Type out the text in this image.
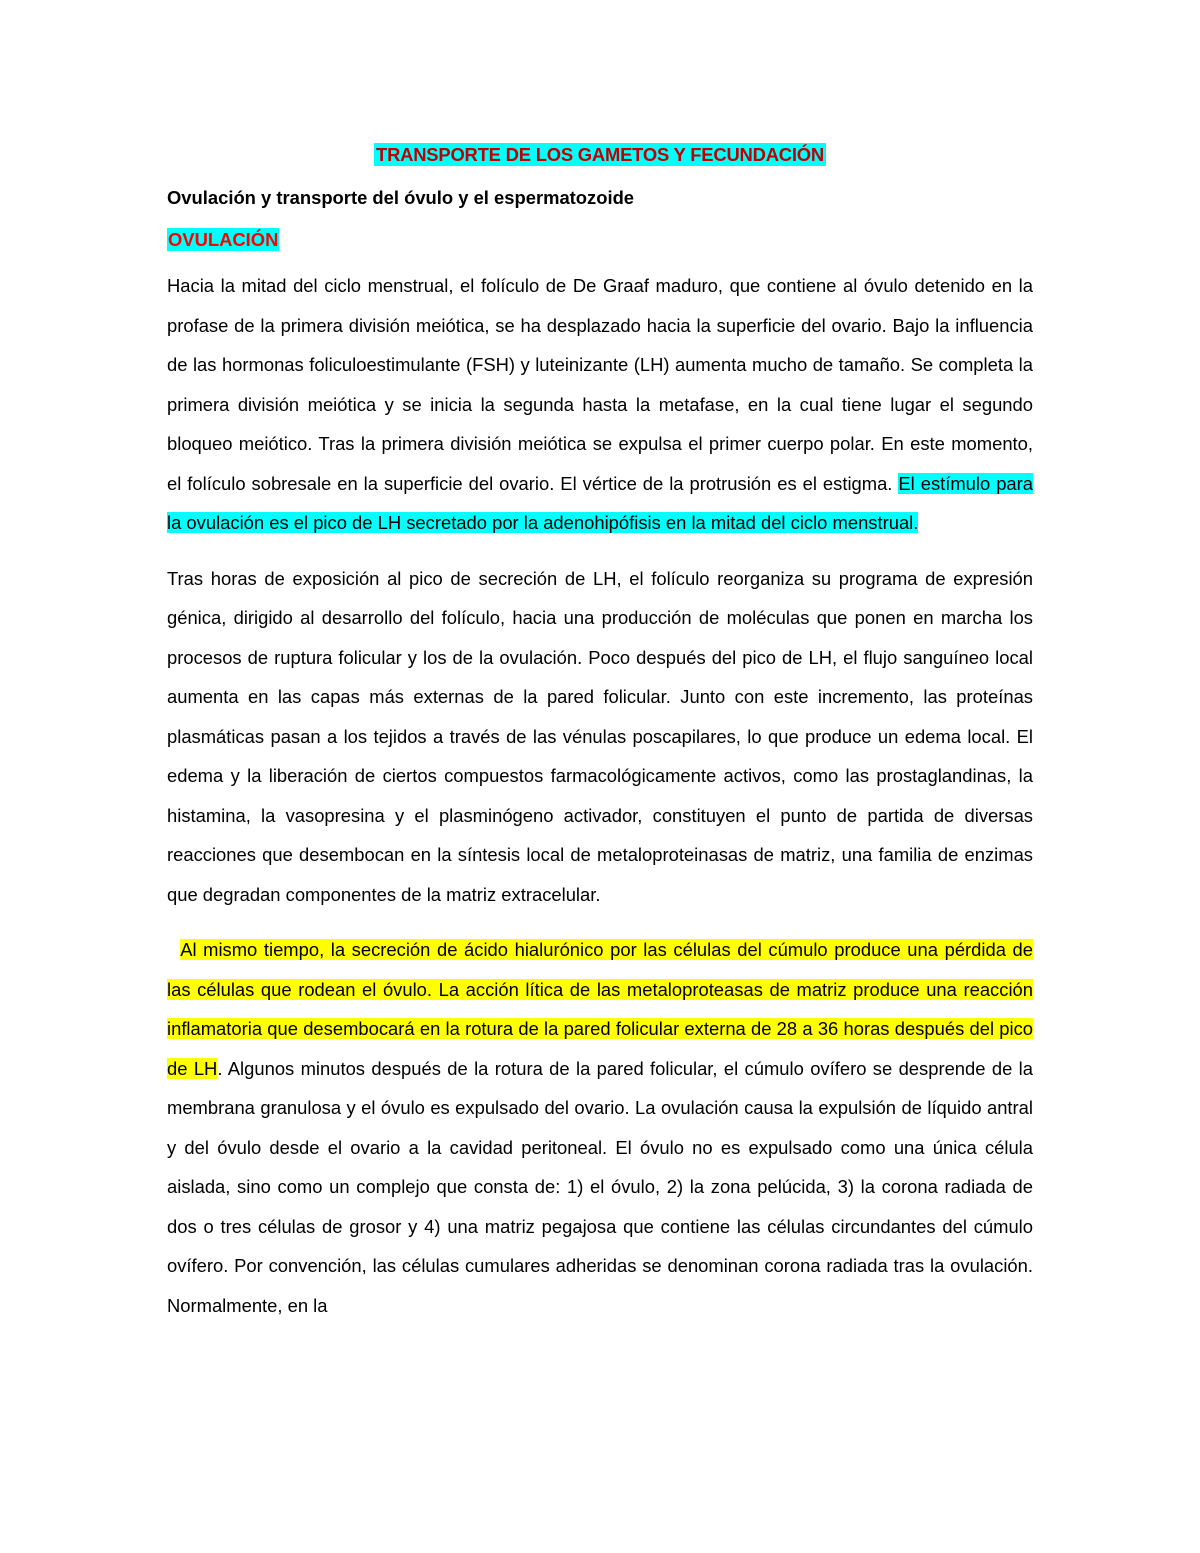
TRANSPORTE DE LOS GAMETOS Y FECUNDACIÓN
Ovulación y transporte del óvulo y el espermatozoide
OVULACIÓN

Hacia la mitad del ciclo menstrual, el folículo de De Graaf maduro, que contiene al óvulo detenido en la profase de la primera división meiótica, se ha desplazado hacia la superficie del ovario. Bajo la influencia de las hormonas foliculoestimulante (FSH) y luteinizante (LH) aumenta mucho de tamaño. Se completa la primera división meiótica y se inicia la segunda hasta la metafase, en la cual tiene lugar el segundo bloqueo meiótico. Tras la primera división meiótica se expulsa el primer cuerpo polar. En este momento, el folículo sobresale en la superficie del ovario. El vértice de la protrusión es el estigma. El estímulo para la ovulación es el pico de LH secretado por la adenohipófisis en la mitad del ciclo menstrual.

Tras horas de exposición al pico de secreción de LH, el folículo reorganiza su programa de expresión génica, dirigido al desarrollo del folículo, hacia una producción de moléculas que ponen en marcha los procesos de ruptura folicular y los de la ovulación. Poco después del pico de LH, el flujo sanguíneo local aumenta en las capas más externas de la pared folicular. Junto con este incremento, las proteínas plasmáticas pasan a los tejidos a través de las vénulas poscapilares, lo que produce un edema local. El edema y la liberación de ciertos compuestos farmacológicamente activos, como las prostaglandinas, la histamina, la vasopresina y el plasminógeno activador, constituyen el punto de partida de diversas reacciones que desembocan en la síntesis local de metaloproteinasas de matriz, una familia de enzimas que degradan componentes de la matriz extracelular.

Al mismo tiempo, la secreción de ácido hialurónico por las células del cúmulo produce una pérdida de las células que rodean el óvulo. La acción lítica de las metaloproteasas de matriz produce una reacción inflamatoria que desembocará en la rotura de la pared folicular externa de 28 a 36 horas después del pico de LH. Algunos minutos después de la rotura de la pared folicular, el cúmulo ovífero se desprende de la membrana granulosa y el óvulo es expulsado del ovario. La ovulación causa la expulsión de líquido antral y del óvulo desde el ovario a la cavidad peritoneal. El óvulo no es expulsado como una única célula aislada, sino como un complejo que consta de: 1) el óvulo, 2) la zona pelúcida, 3) la corona radiada de dos o tres células de grosor y 4) una matriz pegajosa que contiene las células circundantes del cúmulo ovífero. Por convención, las células cumulares adheridas se denominan corona radiada tras la ovulación. Normalmente, en la
